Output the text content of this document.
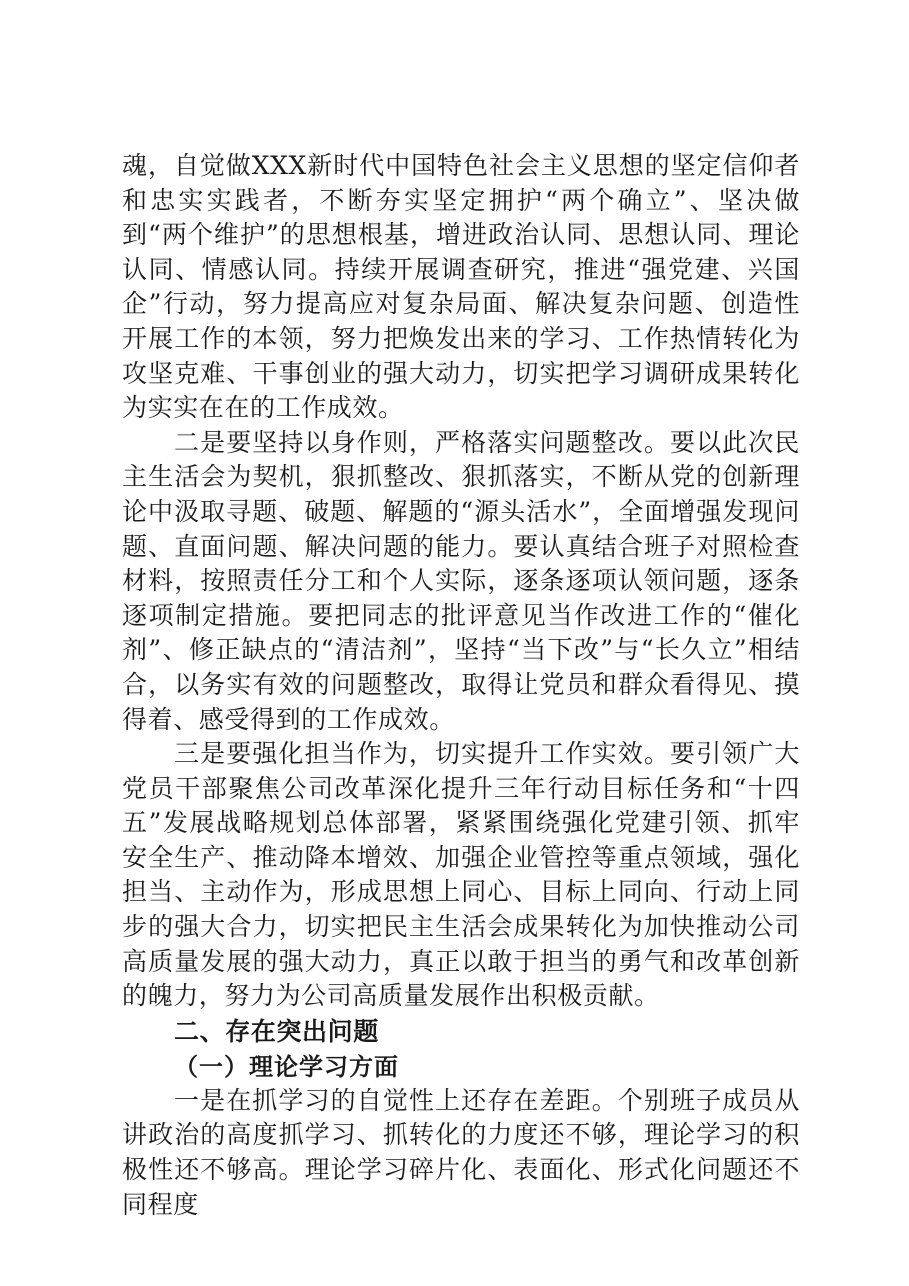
魂，自觉做XXX新时代中国特色社会主义思想的坚定信仰者和忠实实践者，不断夯实坚定拥护“两个确立”、坚决做到“两个维护”的思想根基，增进政治认同、思想认同、理论认同、情感认同。持续开展调查研究，推进“强党建、兴国企”行动，努力提高应对复杂局面、解决复杂问题、创造性开展工作的本领，努力把焕发出来的学习、工作热情转化为攻坚克难、干事创业的强大动力，切实把学习调研成果转化为实实在在的工作成效。

二是要坚持以身作则，严格落实问题整改。要以此次民主生活会为契机，狠抓整改、狠抓落实，不断从党的创新理论中汲取寻题、破题、解题的“源头活水”，全面增强发现问题、直面问题、解决问题的能力。要认真结合班子对照检查材料，按照责任分工和个人实际，逐条逐项认领问题，逐条逐项制定措施。要把同志的批评意见当作改进工作的“催化剂”、修正缺点的“清洁剂”，坚持“当下改”与“长久立”相结合，以务实有效的问题整改，取得让党员和群众看得见、摸得着、感受得到的工作成效。

三是要强化担当作为，切实提升工作实效。要引领广大党员干部聚焦公司改革深化提升三年行动目标任务和“十四五”发展战略规划总体部署，紧紧围绕强化党建引领、抓牢安全生产、推动降本增效、加强企业管控等重点领域，强化担当、主动作为，形成思想上同心、目标上同向、行动上同步的强大合力，切实把民主生活会成果转化为加快推动公司高质量发展的强大动力，真正以敢于担当的勇气和改革创新的魄力，努力为公司高质量发展作出积极贡献。

二、存在突出问题

（一）理论学习方面

一是在抓学习的自觉性上还存在差距。个别班子成员从讲政治的高度抓学习、抓转化的力度还不够，理论学习的积极性还不够高。理论学习碎片化、表面化、形式化问题还不同程度
